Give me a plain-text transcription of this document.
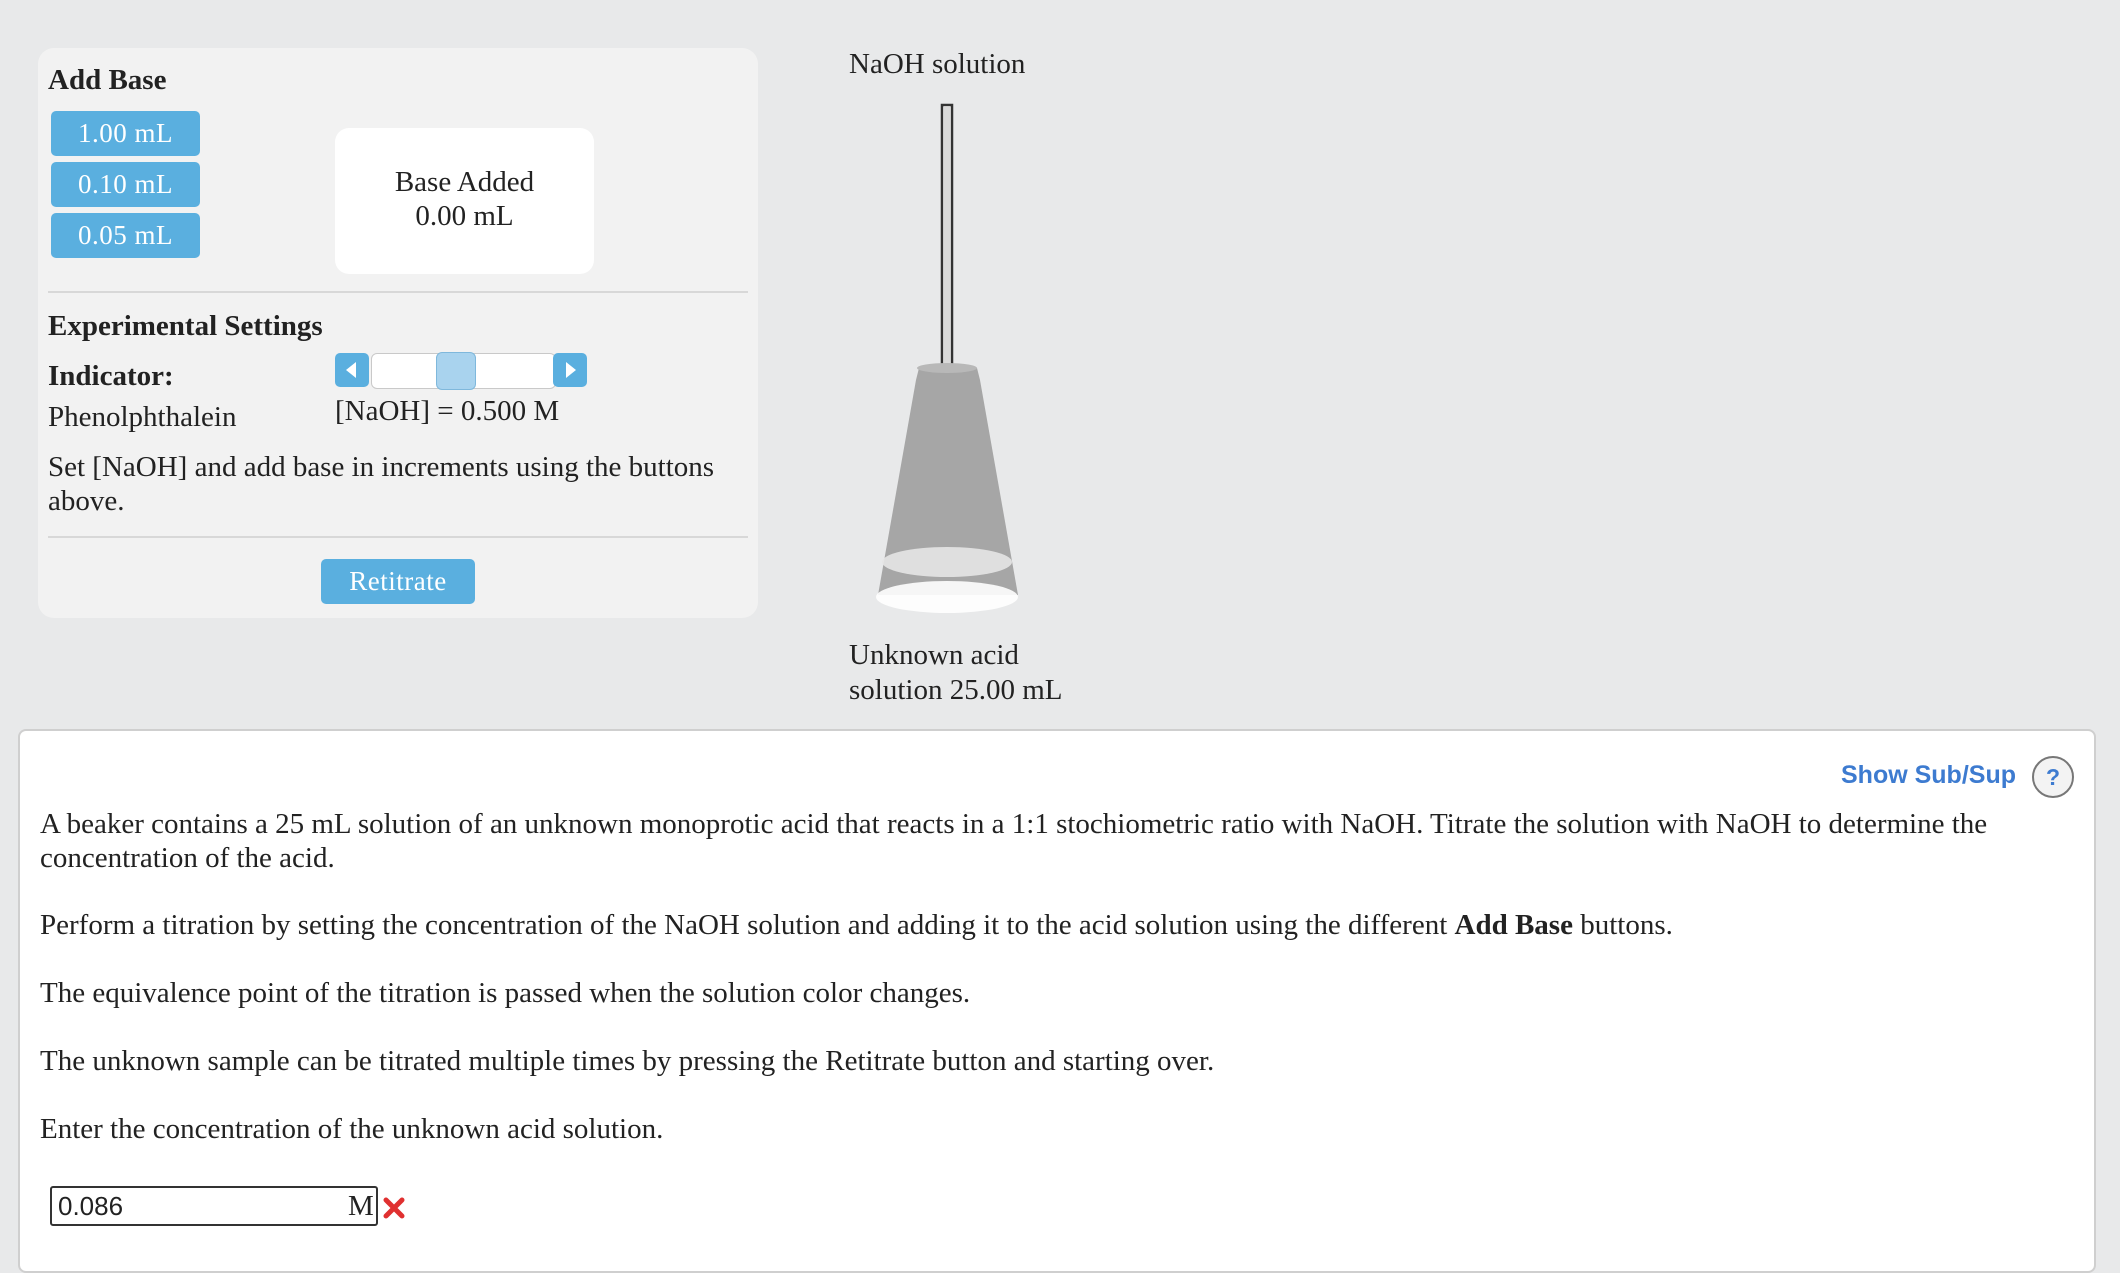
Add Base
1.00 mL
0.10 mL
0.05 mL
Base Added
0.00 mL
Experimental Settings
Indicator:
Phenolphthalein	[NaOH] = 0.500 M
Set [NaOH] and add base in increments using the buttons above.
Retitrate
NaOH solution
Unknown acid
solution 25.00 mL
Show Sub/Sup	?

A beaker contains a 25 mL solution of an unknown monoprotic acid that reacts in a 1:1 stochiometric ratio with NaOH. Titrate the solution with NaOH to determine the concentration of the acid.

Perform a titration by setting the concentration of the NaOH solution and adding it to the acid solution using the different Add Base buttons.

The equivalence point of the titration is passed when the solution color changes.

The unknown sample can be titrated multiple times by pressing the Retitrate button and starting over.

Enter the concentration of the unknown acid solution.

0.086	M
